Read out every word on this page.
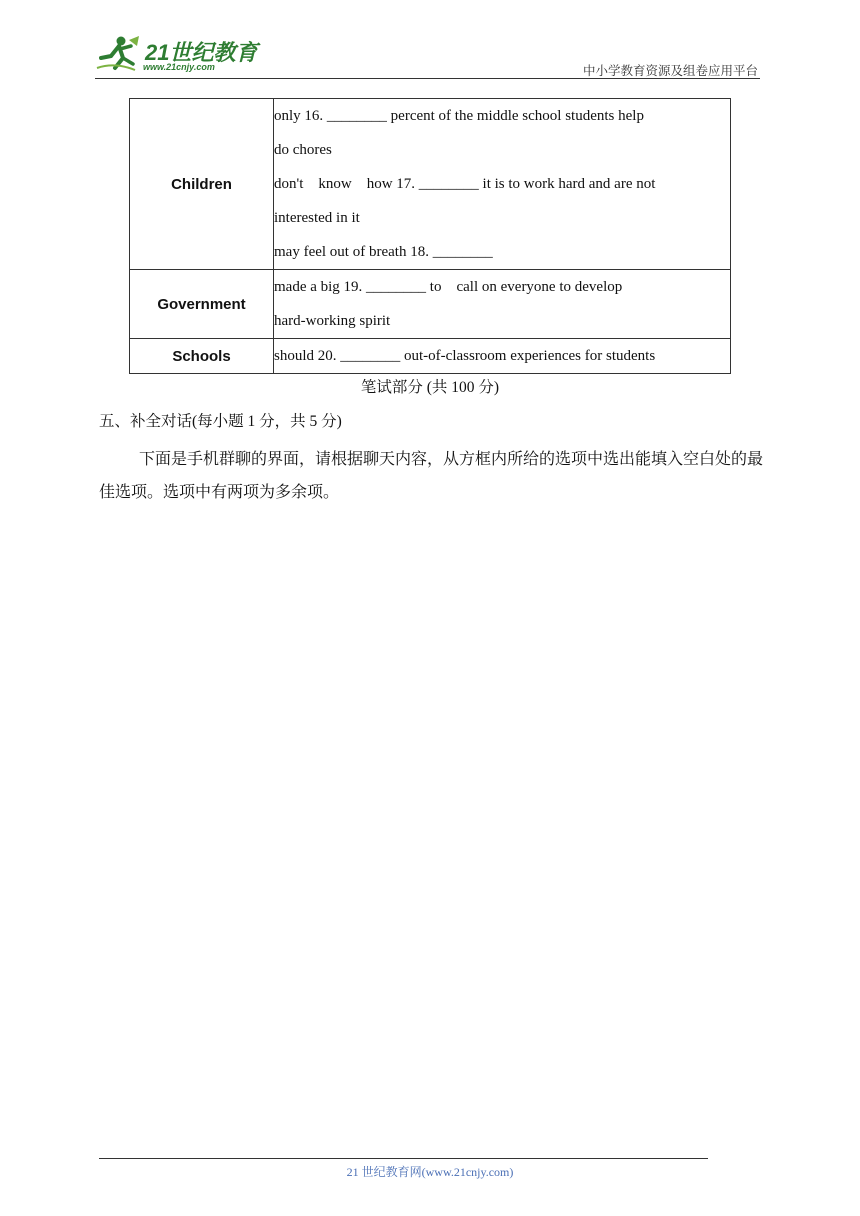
21世纪教育
www.21cnjy.com	中小学教育资源及组卷应用平台
Children	only 16. ________ percent of the middle school students help
do chores
don't    know    how 17. ________ it is to work hard and are not
interested in it
may feel out of breath 18. ________

Government	made a big 19. ________ to    call on everyone to develop
hard-working spirit

Schools	should 20. ________ out-of-classroom experiences for students
笔试部分 (共 100 分)
五、补全对话(每小题 1 分，共 5 分)
下面是手机群聊的界面，请根据聊天内容，从方框内所给的选项中选出能填入空白处的最佳选项。选项中有两项为多余项。
21 世纪教育网(www.21cnjy.com)
